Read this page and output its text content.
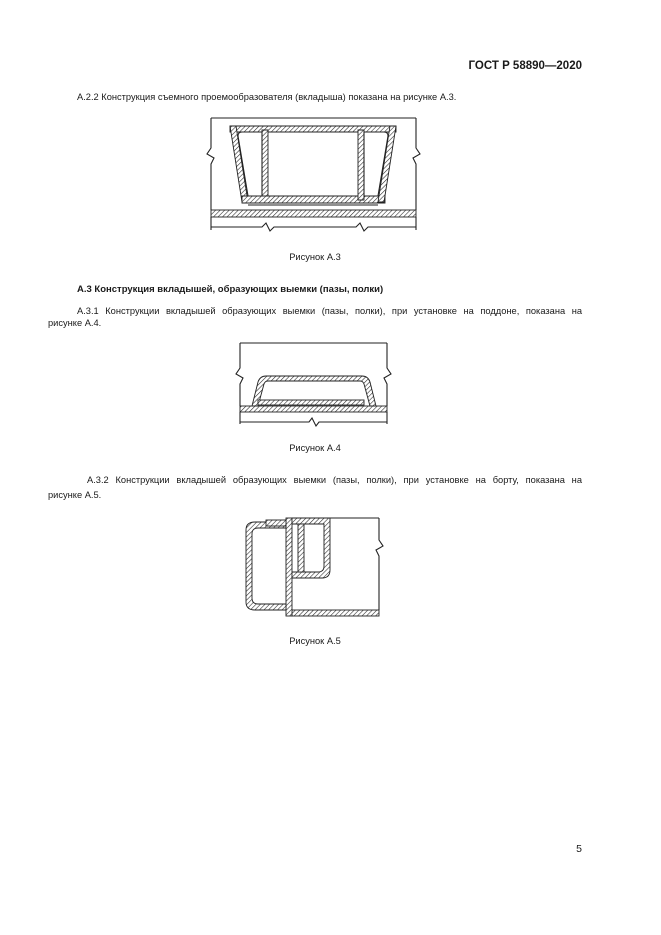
ГОСТ Р 58890—2020
А.2.2 Конструкция съемного проемообразователя (вкладыша) показана на рисунке А.3.
Рисунок А.3
А.3 Конструкция вкладышей, образующих выемки (пазы, полки)
А.3.1 Конструкции вкладышей образующих выемки (пазы, полки), при установке на поддоне, показана на
рисунке А.4.
Рисунок А.4
А.3.2 Конструкции вкладышей образующих выемки (пазы, полки), при установке на борту, показана на
рисунке А.5.
Рисунок А.5
5
